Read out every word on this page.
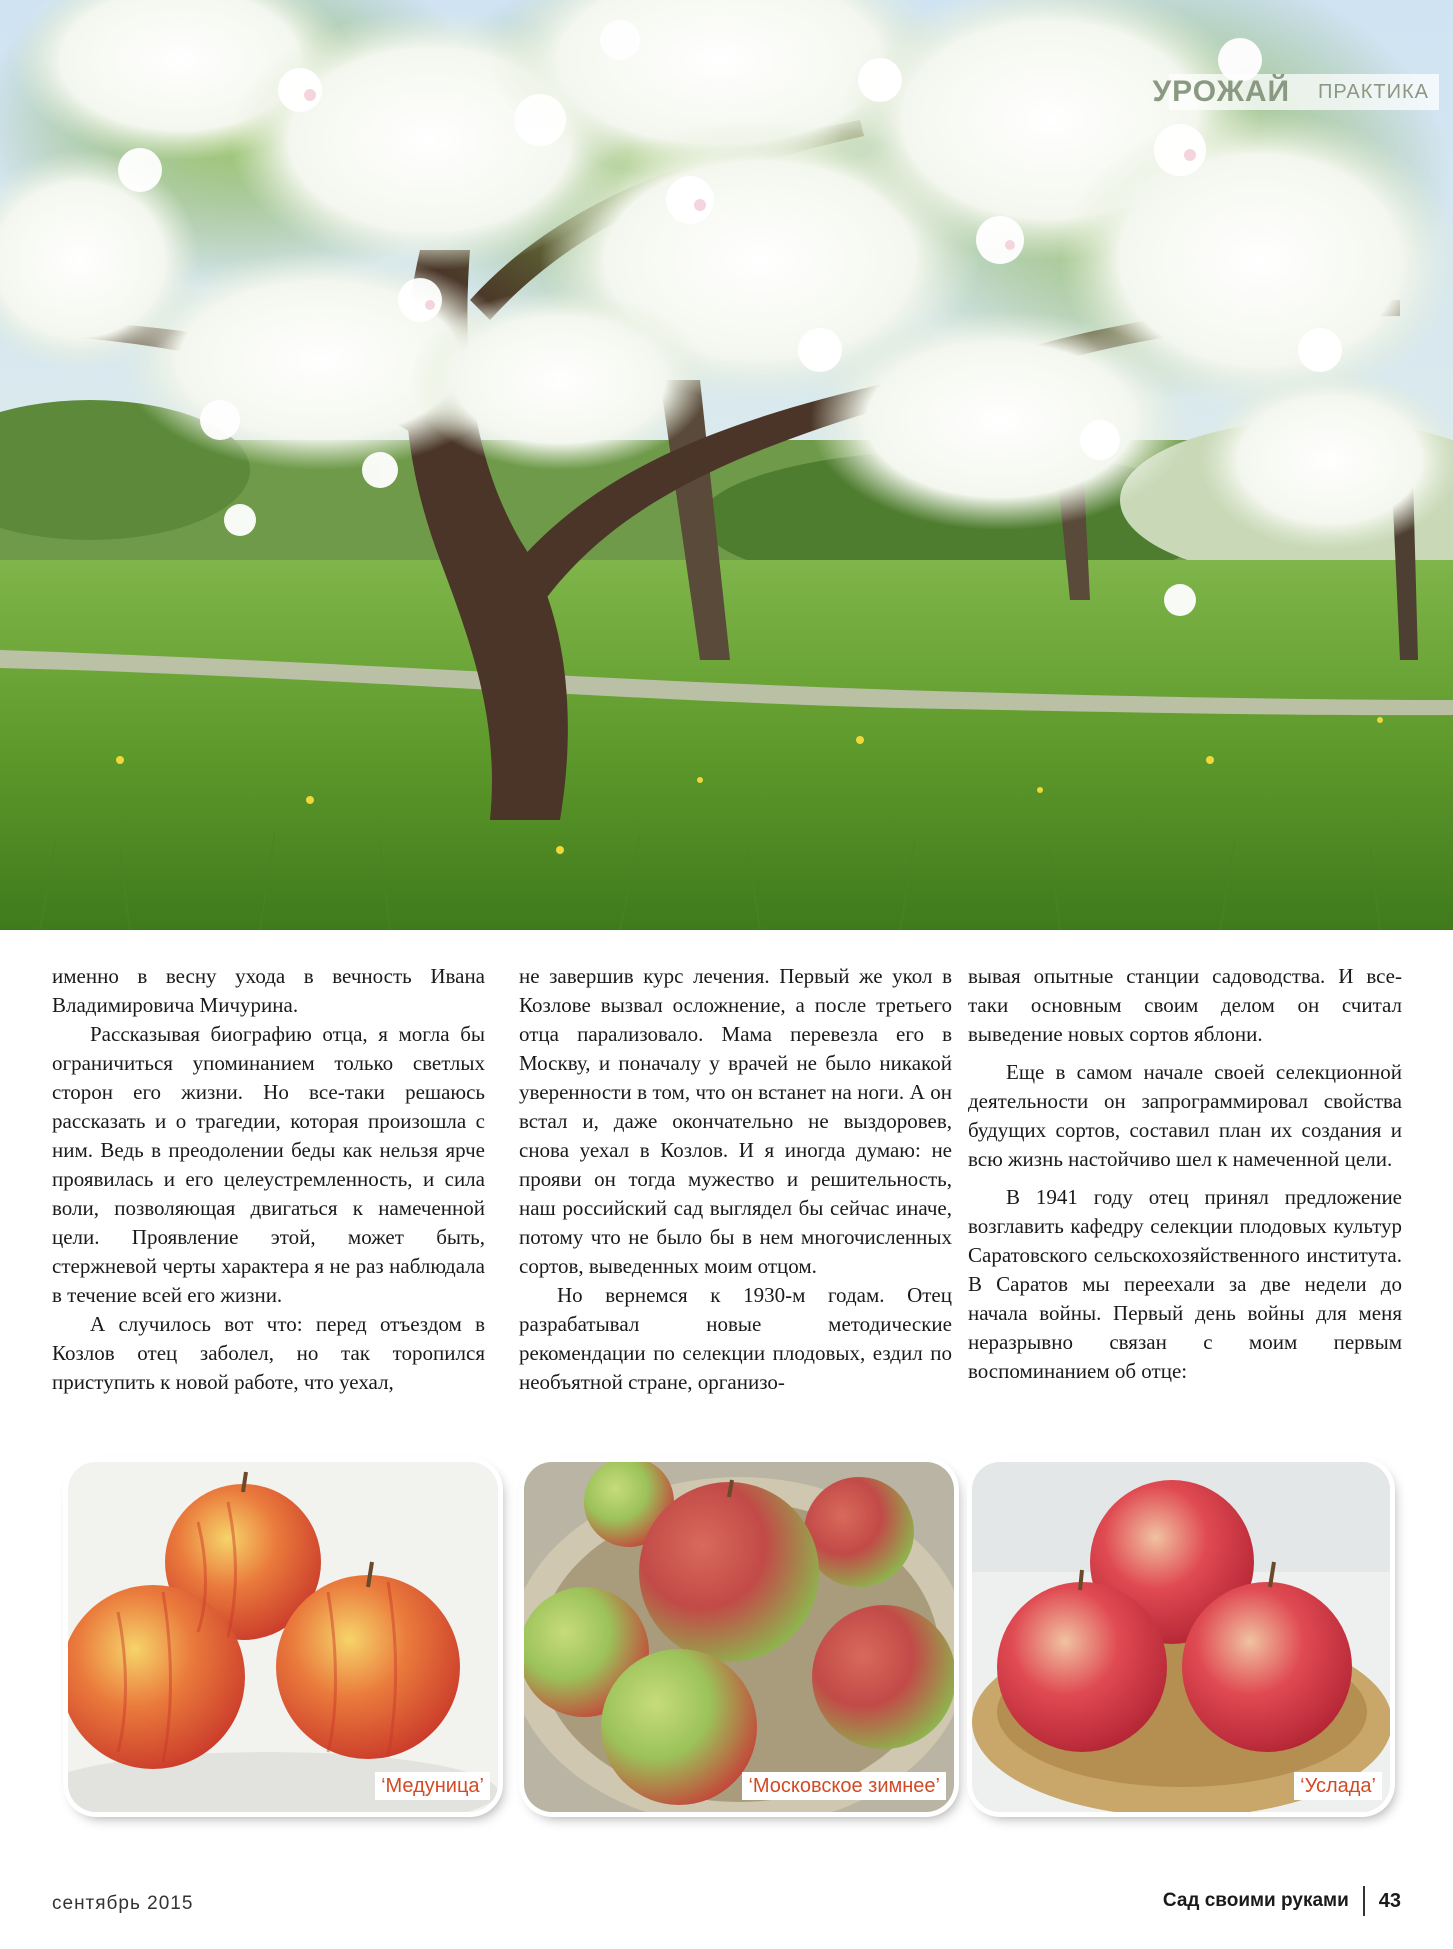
УРОЖАЙ ПРАКТИКА

именно в весну ухода в вечность Ивана Владимировича Мичурина.

Рассказывая биографию отца, я могла бы ограничиться упоминанием только светлых сторон его жизни. Но все-таки решаюсь рассказать и о трагедии, которая произошла с ним. Ведь в преодолении беды как нельзя ярче проявилась и его целеустремленность, и сила воли, позволяющая двигаться к намеченной цели. Проявление этой, может быть, стержневой черты характера я не раз наблюдала в течение всей его жизни.

А случилось вот что: перед отъездом в Козлов отец заболел, но так торопился приступить к новой работе, что уехал,

не завершив курс лечения. Первый же укол в Козлове вызвал осложнение, а после третьего отца парализовало. Мама перевезла его в Москву, и поначалу у врачей не было никакой уверенности в том, что он встанет на ноги. А он встал и, даже окончательно не выздоровев, снова уехал в Козлов. И я иногда думаю: не прояви он тогда мужество и решительность, наш российский сад выглядел бы сейчас иначе, потому что не было бы в нем многочисленных сортов, выведенных моим отцом.

Но вернемся к 1930-м годам. Отец разрабатывал новые методические рекомендации по селекции плодовых, ездил по необъятной стране, организо-

вывая опытные станции садоводства. И все-таки основным своим делом он считал выведение новых сортов яблони.

Еще в самом начале своей селекционной деятельности он запрограммировал свойства будущих сортов, составил план их создания и всю жизнь настойчиво шел к намеченной цели.

В 1941 году отец принял предложение возглавить кафедру селекции плодовых культур Саратовского сельскохозяйственного института. В Саратов мы переехали за две недели до начала войны. Первый день войны для меня неразрывно связан с моим первым воспоминанием об отце:

‘Медуница’	‘Московское зимнее’	‘Услада’
сентябрь 2015	Сад своими руками 43
